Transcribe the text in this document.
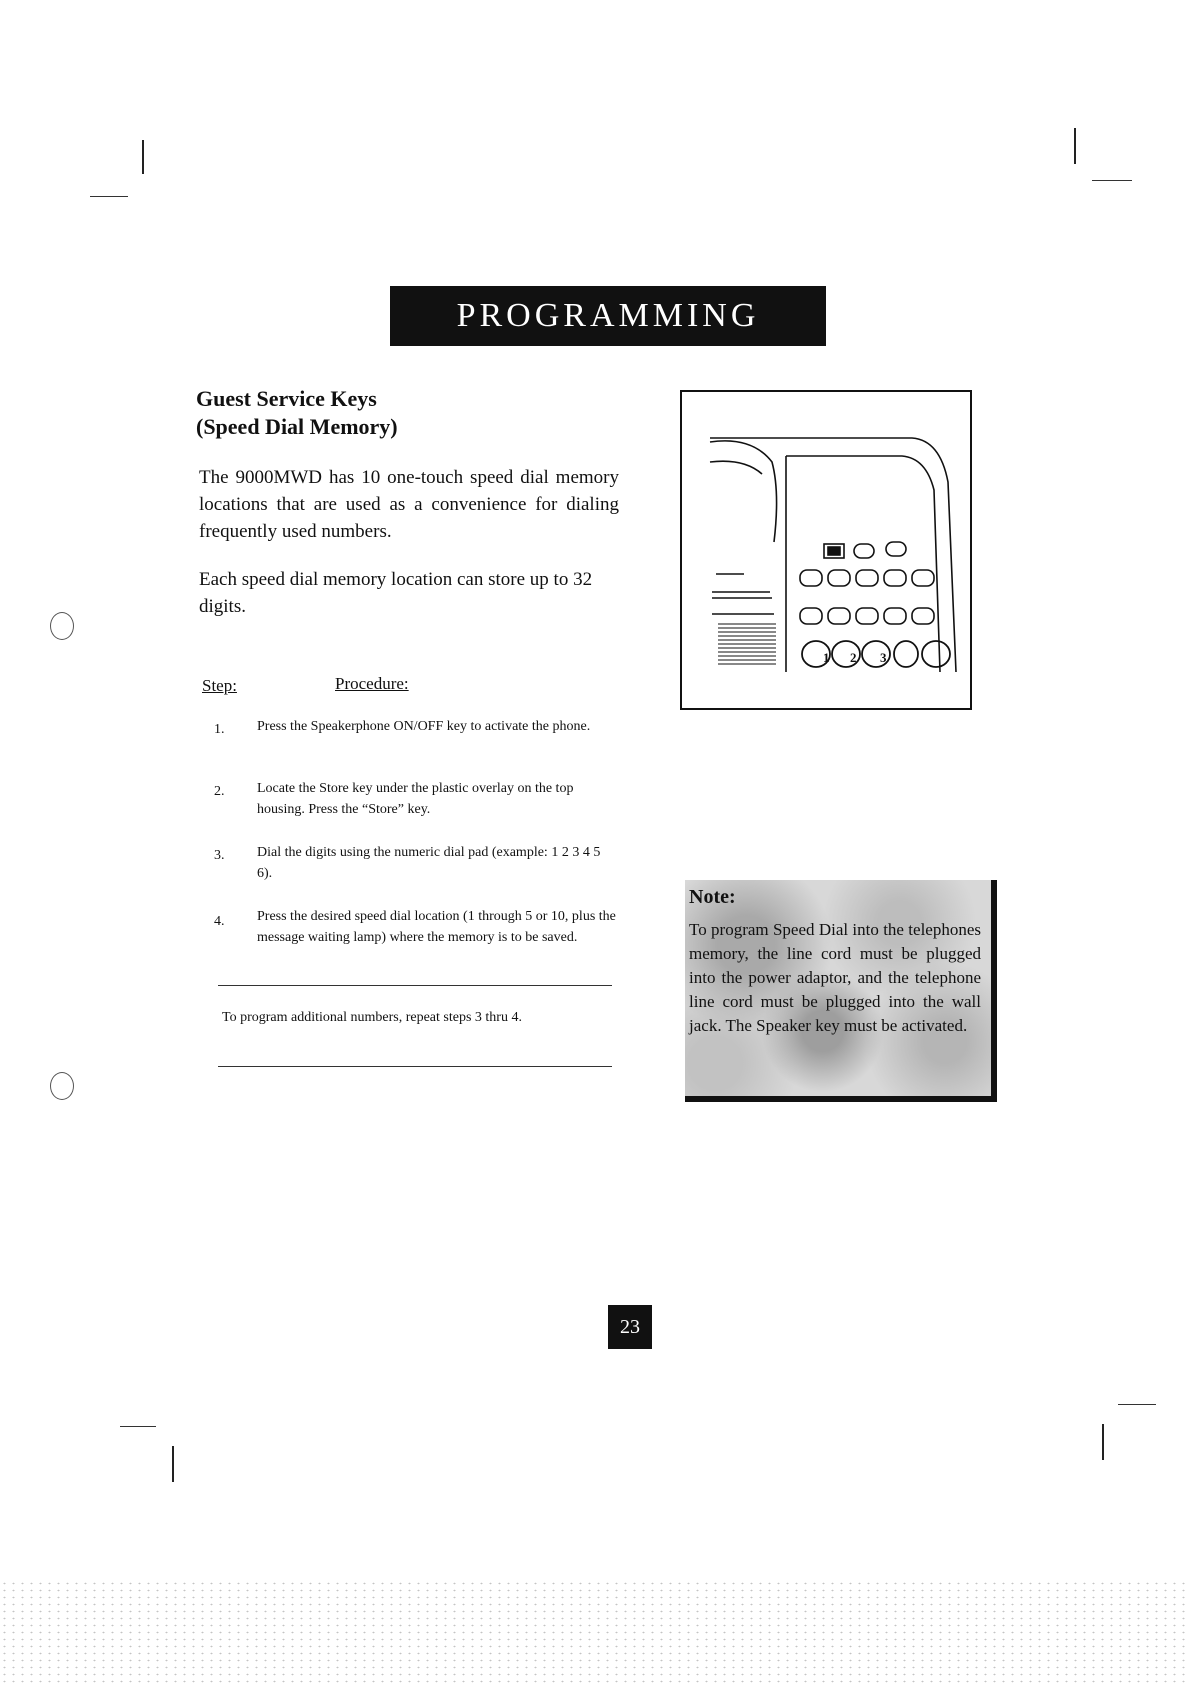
PROGRAMMING
Guest Service Keys
(Speed Dial Memory)
The 9000MWD has 10 one-touch speed dial memory locations that are used as a convenience for dialing frequently used numbers.
Each speed dial memory location can store up to 32 digits.
Step:	Procedure:
1. Press the Speakerphone ON/OFF key to activate the phone.
2. Locate the Store key under the plastic overlay on the top housing. Press the “Store” key.
3. Dial the digits using the numeric dial pad (example: 1 2 3 4 5 6).
4. Press the desired speed dial location (1 through 5 or 10, plus the message waiting lamp) where the memory is to be saved.
To program additional numbers, repeat steps 3 thru 4.
1 2 3
Note:
To program Speed Dial into the telephones memory, the line cord must be plugged into the power adaptor, and the telephone line cord must be plugged into the wall jack. The Speaker key must be activated.
23
